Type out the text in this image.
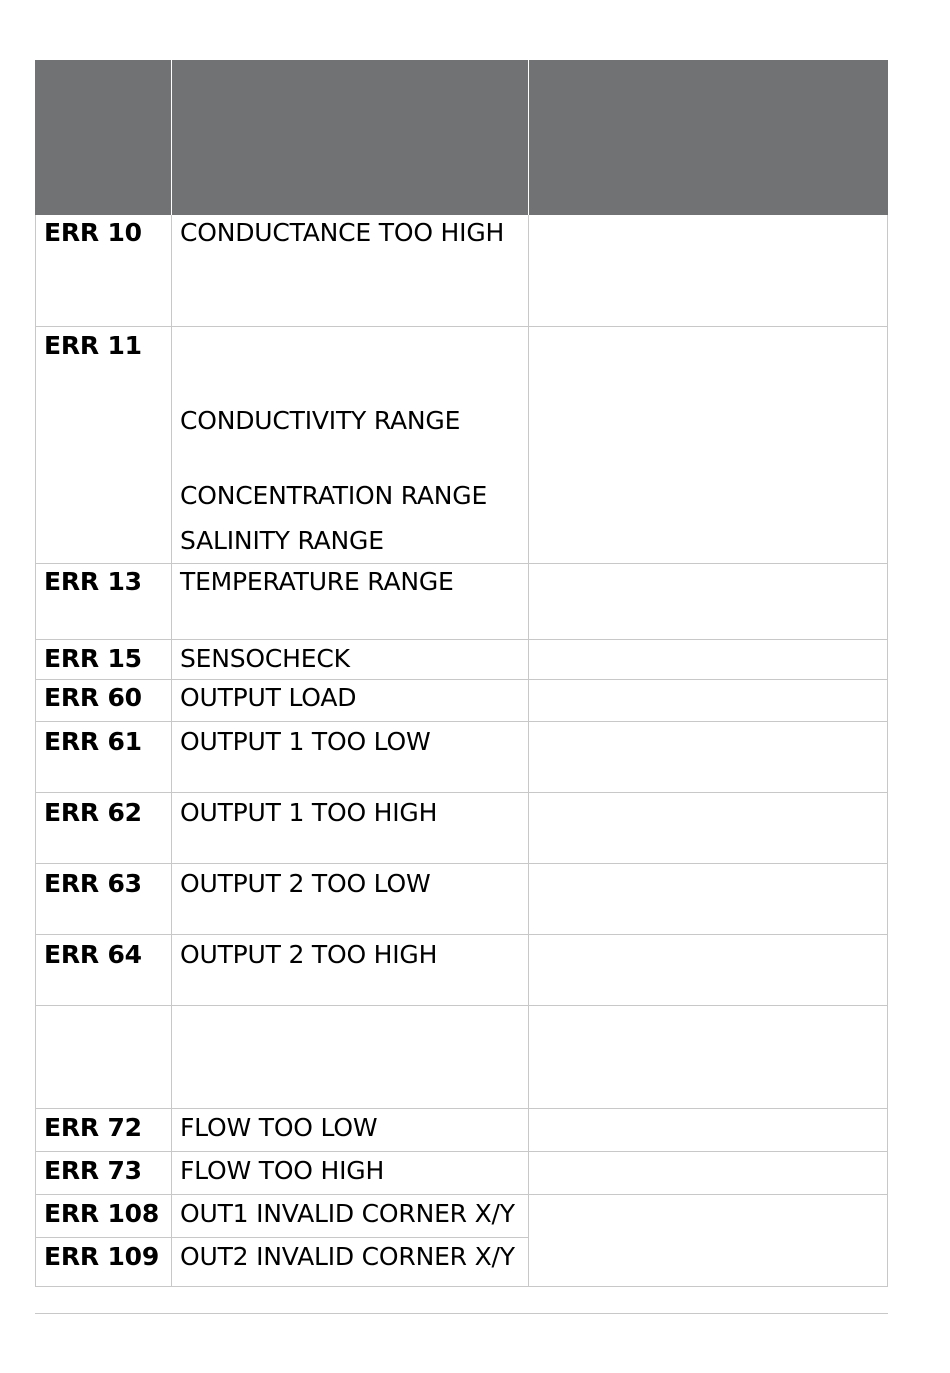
ERR 10 CONDUCTANCE TOO HIGH
ERR 11
CONDUCTIVITY RANGE
CONCENTRATION RANGE
SALINITY RANGE
ERR 13 TEMPERATURE RANGE
ERR 15 SENSOCHECK
ERR 60 OUTPUT LOAD
ERR 61 OUTPUT 1 TOO LOW
ERR 62 OUTPUT 1 TOO HIGH
ERR 63 OUTPUT 2 TOO LOW
ERR 64 OUTPUT 2 TOO HIGH
ERR 72 FLOW TOO LOW
ERR 73 FLOW TOO HIGH
ERR 108 OUT1 INVALID CORNER X/Y
ERR 109 OUT2 INVALID CORNER X/Y
